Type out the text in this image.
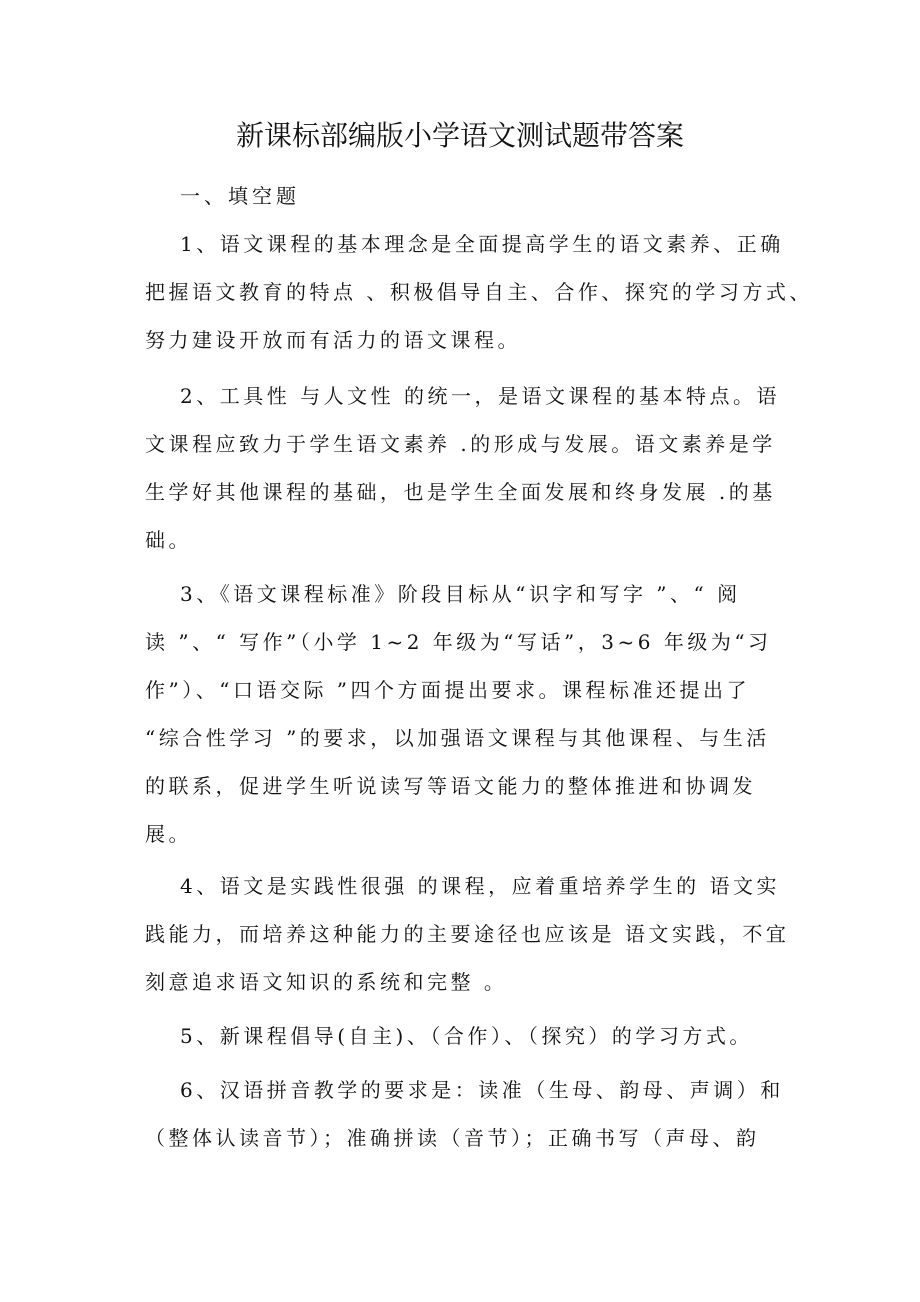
新课标部编版小学语文测试题带答案
一、填空题
1、语文课程的基本理念是全面提高学生的语文素养、正确
把握语文教育的特点 、积极倡导自主、合作、探究的学习方式、
努力建设开放而有活力的语文课程。
2、工具性 与人文性 的统一，是语文课程的基本特点。语
文课程应致力于学生语文素养 .的形成与发展。语文素养是学
生学好其他课程的基础，也是学生全面发展和终身发展 .的基
础。
3、《语文课程标准》阶段目标从“识字和写字 ”、“ 阅
读 ”、“ 写作”（小学 1~2 年级为“写话”，3~6 年级为“习
作”）、“口语交际 ”四个方面提出要求。课程标准还提出了
“综合性学习 ”的要求，以加强语文课程与其他课程、与生活
的联系，促进学生听说读写等语文能力的整体推进和协调发
展。
4、语文是实践性很强 的课程，应着重培养学生的 语文实
践能力，而培养这种能力的主要途径也应该是 语文实践，不宜
刻意追求语文知识的系统和完整 。
5、新课程倡导(自主)、（合作）、（探究）的学习方式。
6、汉语拼音教学的要求是：读准（生母、韵母、声调）和
（整体认读音节）；准确拼读（音节）；正确书写（声母、韵
